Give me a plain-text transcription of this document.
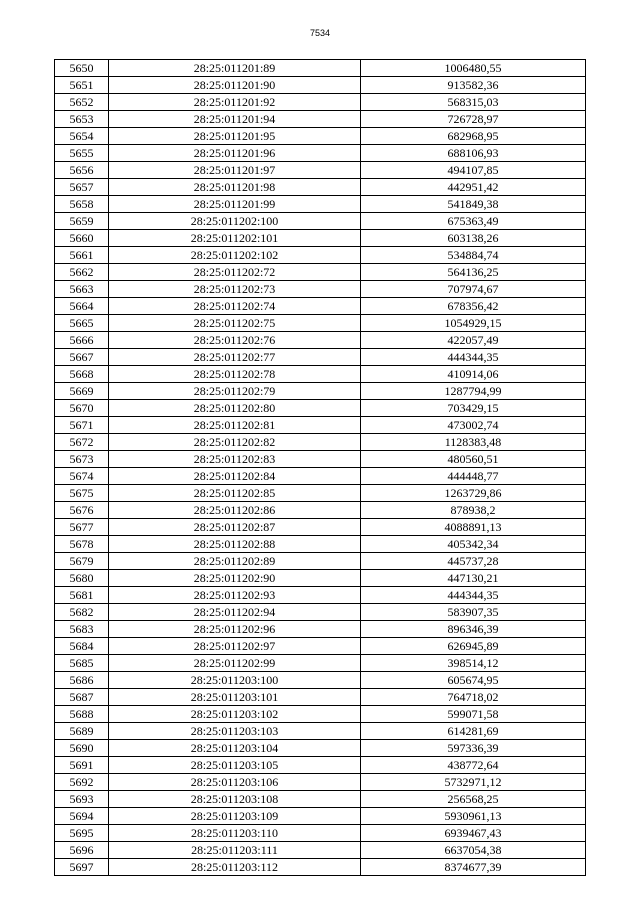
7534
5650	28:25:011201:89	1006480,55
5651	28:25:011201:90	913582,36
5652	28:25:011201:92	568315,03
5653	28:25:011201:94	726728,97
5654	28:25:011201:95	682968,95
5655	28:25:011201:96	688106,93
5656	28:25:011201:97	494107,85
5657	28:25:011201:98	442951,42
5658	28:25:011201:99	541849,38
5659	28:25:011202:100	675363,49
5660	28:25:011202:101	603138,26
5661	28:25:011202:102	534884,74
5662	28:25:011202:72	564136,25
5663	28:25:011202:73	707974,67
5664	28:25:011202:74	678356,42
5665	28:25:011202:75	1054929,15
5666	28:25:011202:76	422057,49
5667	28:25:011202:77	444344,35
5668	28:25:011202:78	410914,06
5669	28:25:011202:79	1287794,99
5670	28:25:011202:80	703429,15
5671	28:25:011202:81	473002,74
5672	28:25:011202:82	1128383,48
5673	28:25:011202:83	480560,51
5674	28:25:011202:84	444448,77
5675	28:25:011202:85	1263729,86
5676	28:25:011202:86	878938,2
5677	28:25:011202:87	4088891,13
5678	28:25:011202:88	405342,34
5679	28:25:011202:89	445737,28
5680	28:25:011202:90	447130,21
5681	28:25:011202:93	444344,35
5682	28:25:011202:94	583907,35
5683	28:25:011202:96	896346,39
5684	28:25:011202:97	626945,89
5685	28:25:011202:99	398514,12
5686	28:25:011203:100	605674,95
5687	28:25:011203:101	764718,02
5688	28:25:011203:102	599071,58
5689	28:25:011203:103	614281,69
5690	28:25:011203:104	597336,39
5691	28:25:011203:105	438772,64
5692	28:25:011203:106	5732971,12
5693	28:25:011203:108	256568,25
5694	28:25:011203:109	5930961,13
5695	28:25:011203:110	6939467,43
5696	28:25:011203:111	6637054,38
5697	28:25:011203:112	8374677,39
